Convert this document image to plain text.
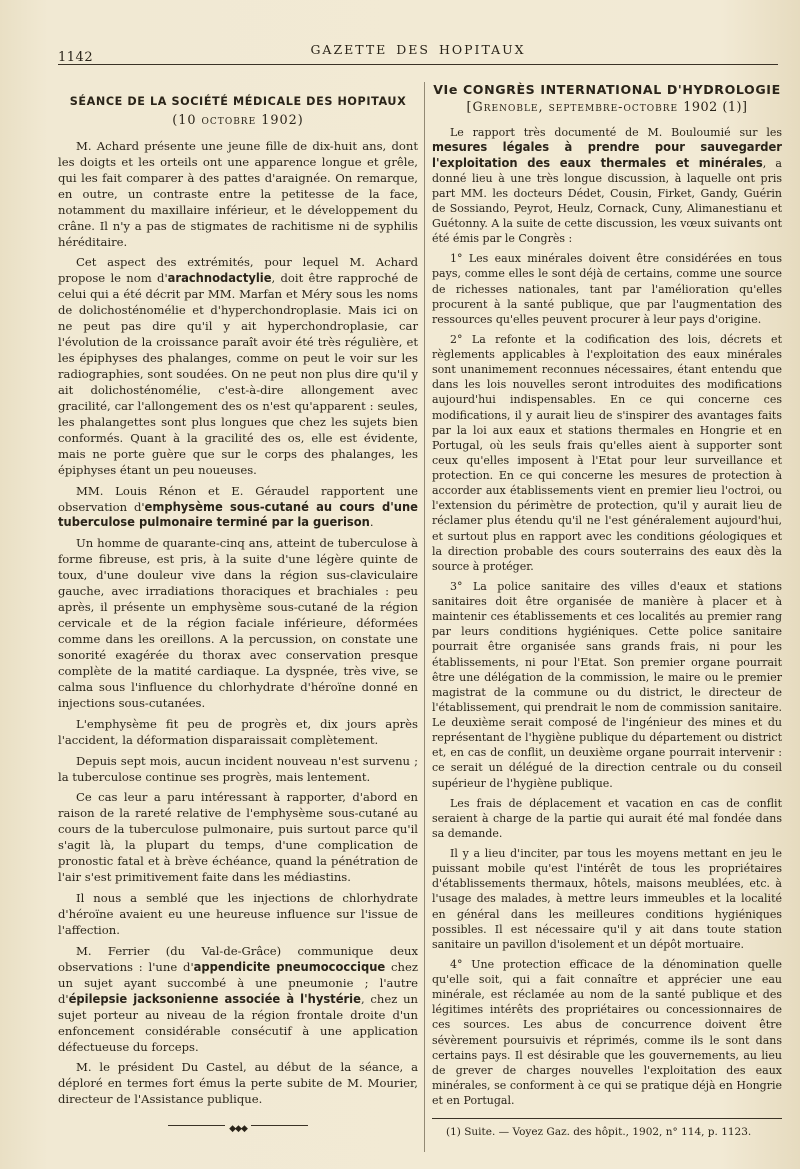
1142
GAZETTE DES HOPITAUX
SÉANCE DE LA SOCIÉTÉ MÉDICALE DES HOPITAUX
(10 octobre 1902)

M. Achard présente une jeune fille de dix-huit ans, dont les doigts et les orteils ont une apparence longue et grêle, qui les fait comparer à des pattes d'araignée. On remarque, en outre, un contraste entre la petitesse de la face, notamment du maxillaire inférieur, et le développement du crâne. Il n'y a pas de stigmates de rachitisme ni de syphilis héréditaire.

Cet aspect des extrémités, pour lequel M. Achard propose le nom d'arachnodactylie, doit être rapproché de celui qui a été décrit par MM. Marfan et Méry sous les noms de dolichosténomélie et d'hyperchondroplasie. Mais ici on ne peut pas dire qu'il y ait hyperchondroplasie, car l'évolution de la croissance paraît avoir été très régulière, et les épiphyses des phalanges, comme on peut le voir sur les radiographies, sont soudées. On ne peut non plus dire qu'il y ait dolichosténomélie, c'est-à-dire allongement avec gracilité, car l'allongement des os n'est qu'apparent : seules, les phalangettes sont plus longues que chez les sujets bien conformés. Quant à la gracilité des os, elle est évidente, mais ne porte guère que sur le corps des phalanges, les épiphyses étant un peu noueuses.

MM. Louis Rénon et E. Géraudel rapportent une observation d'emphysème sous-cutané au cours d'une tuberculose pulmonaire terminé par la guerison.

Un homme de quarante-cinq ans, atteint de tuberculose à forme fibreuse, est pris, à la suite d'une légère quinte de toux, d'une douleur vive dans la région sus-claviculaire gauche, avec irradiations thoraciques et brachiales : peu après, il présente un emphysème sous-cutané de la région cervicale et de la région faciale inférieure, déformées comme dans les oreillons. A la percussion, on constate une sonorité exagérée du thorax avec conservation presque complète de la matité cardiaque. La dyspnée, très vive, se calma sous l'influence du chlorhydrate d'héroïne donné en injections sous-cutanées.

L'emphysème fit peu de progrès et, dix jours après l'accident, la déformation disparaissait complètement.

Depuis sept mois, aucun incident nouveau n'est survenu ; la tuberculose continue ses progrès, mais lentement.

Ce cas leur a paru intéressant à rapporter, d'abord en raison de la rareté relative de l'emphysème sous-cutané au cours de la tuberculose pulmonaire, puis surtout parce qu'il s'agit là, la plupart du temps, d'une complication de pronostic fatal et à brève échéance, quand la pénétration de l'air s'est primitivement faite dans les médiastins.

Il nous a semblé que les injections de chlorhydrate d'héroïne avaient eu une heureuse influence sur l'issue de l'affection.

M. Ferrier (du Val-de-Grâce) communique deux observations : l'une d'appendicite pneumococcique chez un sujet ayant succombé à une pneumonie ; l'autre d'épilepsie jacksonienne associée à l'hystérie, chez un sujet porteur au niveau de la région frontale droite d'un enfoncement considérable consécutif à une application défectueuse du forceps.

M. le président Du Castel, au début de la séance, a déploré en termes fort émus la perte subite de M. Mourier, directeur de l'Assistance publique.

◆◆◆
VIe CONGRÈS INTERNATIONAL D'HYDROLOGIE
[Grenoble, septembre-octobre 1902 (1)]

Le rapport très documenté de M. Bouloumié sur les mesures légales à prendre pour sauvegarder l'exploitation des eaux thermales et minérales, a donné lieu à une très longue discussion, à laquelle ont pris part MM. les docteurs Dédet, Cousin, Firket, Gandy, Guérin de Sossiando, Peyrot, Heulz, Cornack, Cuny, Alimanestianu et Guétonny. A la suite de cette discussion, les vœux suivants ont été émis par le Congrès :

1° Les eaux minérales doivent être considérées en tous pays, comme elles le sont déjà de certains, comme une source de richesses nationales, tant par l'amélioration qu'elles procurent à la santé publique, que par l'augmentation des ressources qu'elles peuvent procurer à leur pays d'origine.

2° La refonte et la codification des lois, décrets et règlements applicables à l'exploitation des eaux minérales sont unanimement reconnues nécessaires, étant entendu que dans les lois nouvelles seront introduites des modifications aujourd'hui indispensables. En ce qui concerne ces modifications, il y aurait lieu de s'inspirer des avantages faits par la loi aux eaux et stations thermales en Hongrie et en Portugal, où les seuls frais qu'elles aient à supporter sont ceux qu'elles imposent à l'Etat pour leur surveillance et protection. En ce qui concerne les mesures de protection à accorder aux établissements vient en premier lieu l'octroi, ou l'extension du périmètre de protection, qu'il y aurait lieu de réclamer plus étendu qu'il ne l'est généralement aujourd'hui, et surtout plus en rapport avec les conditions géologiques et la direction probable des cours souterrains des eaux dès la source à protéger.

3° La police sanitaire des villes d'eaux et stations sanitaires doit être organisée de manière à placer et à maintenir ces établissements et ces localités au premier rang par leurs conditions hygiéniques. Cette police sanitaire pourrait être organisée sans grands frais, ni pour les établissements, ni pour l'Etat. Son premier organe pourrait être une délégation de la commission, le maire ou le premier magistrat de la commune ou du district, le directeur de l'établissement, qui prendrait le nom de commission sanitaire. Le deuxième serait composé de l'ingénieur des mines et du représentant de l'hygiène publique du département ou district et, en cas de conflit, un deuxième organe pourrait intervenir : ce serait un délégué de la direction centrale ou du conseil supérieur de l'hygiène publique.

Les frais de déplacement et vacation en cas de conflit seraient à charge de la partie qui aurait été mal fondée dans sa demande.

Il y a lieu d'inciter, par tous les moyens mettant en jeu le puissant mobile qu'est l'intérêt de tous les propriétaires d'établissements thermaux, hôtels, maisons meublées, etc. à l'usage des malades, à mettre leurs immeubles et la localité en général dans les meilleures conditions hygiéniques possibles. Il est nécessaire qu'il y ait dans toute station sanitaire un pavillon d'isolement et un dépôt mortuaire.

4° Une protection efficace de la dénomination quelle qu'elle soit, qui a fait connaître et apprécier une eau minérale, est réclamée au nom de la santé publique et des légitimes intérêts des propriétaires ou concessionnaires de ces sources. Les abus de concurrence doivent être sévèrement poursuivis et réprimés, comme ils le sont dans certains pays. Il est désirable que les gouvernements, au lieu de grever de charges nouvelles l'exploitation des eaux minérales, se conforment à ce qui se pratique déjà en Hongrie et en Portugal.

(1) Suite. — Voyez Gaz. des hôpit., 1902, n° 114, p. 1123.
